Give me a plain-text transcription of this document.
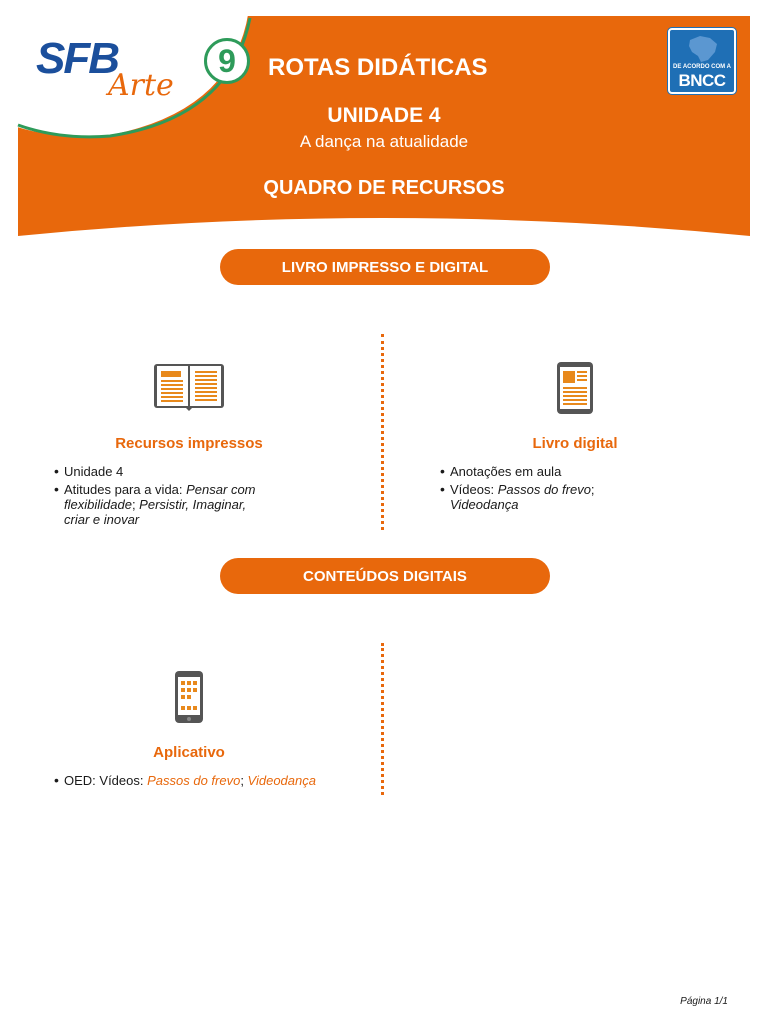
SFB
Arte
9 ROTAS DIDÁTICAS
UNIDADE 4
A dança na atualidade
QUADRO DE RECURSOS
DE ACORDO COM A
BNCC
LIVRO IMPRESSO E DIGITAL
Recursos impressos	Livro digital
• Unidade 4
• Atitudes para a vida: Pensar com flexibilidade; Persistir, Imaginar, criar e inovar
• Anotações em aula
• Vídeos: Passos do frevo; Videodança
CONTEÚDOS DIGITAIS
Aplicativo
• OED: Vídeos: Passos do frevo; Videodança
Página 1/1
